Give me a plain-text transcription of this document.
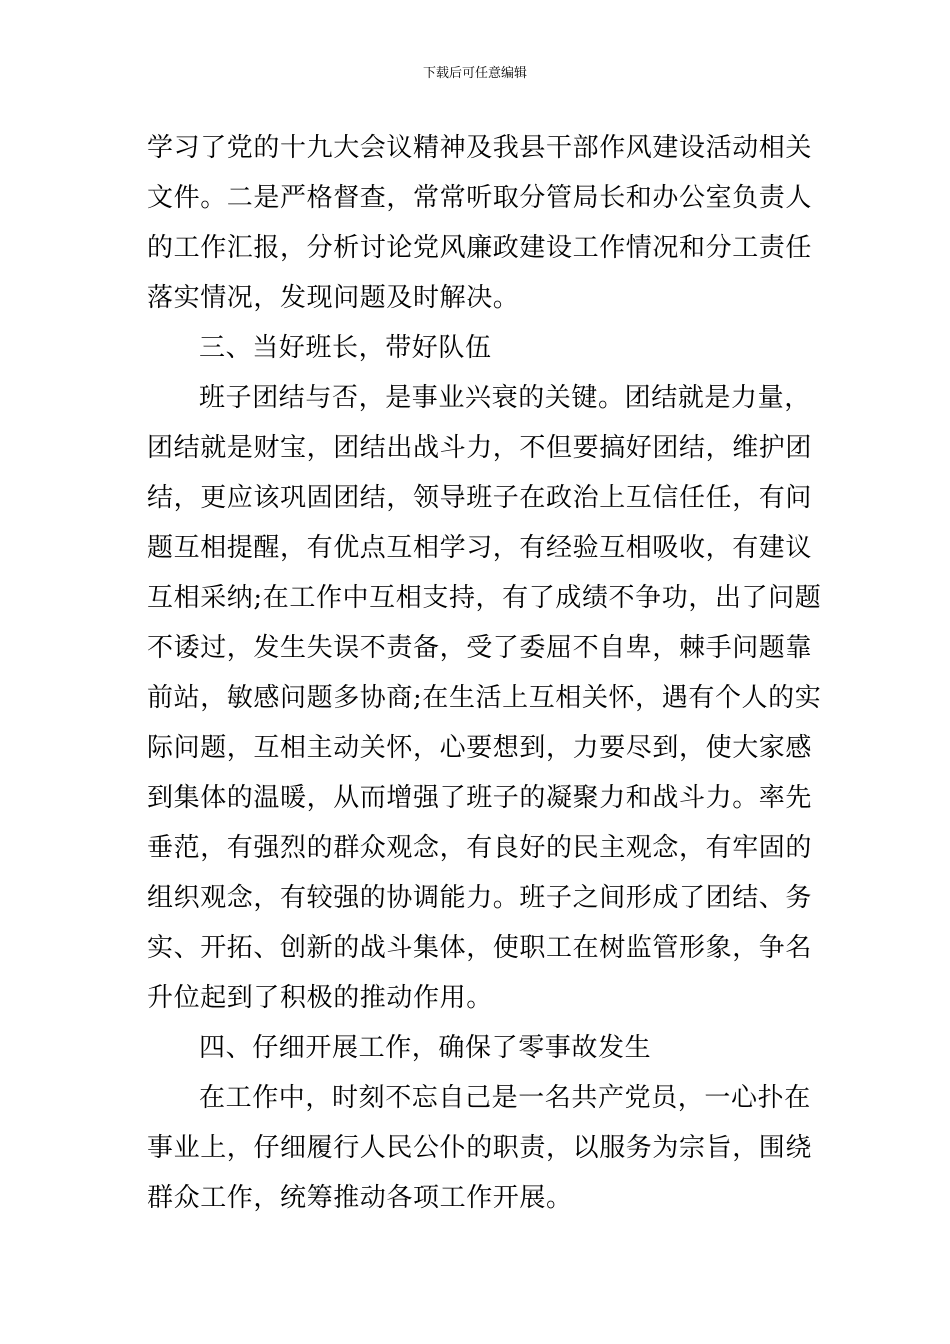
下载后可任意编辑
学习了党的十九大会议精神及我县干部作风建设活动相关
文件。二是严格督查，常常听取分管局长和办公室负责人
的工作汇报，分析讨论党风廉政建设工作情况和分工责任
落实情况，发现问题及时解决。
三、当好班长，带好队伍
班子团结与否，是事业兴衰的关键。团结就是力量，
团结就是财宝，团结出战斗力，不但要搞好团结，维护团
结，更应该巩固团结，领导班子在政治上互信任任，有问
题互相提醒，有优点互相学习，有经验互相吸收，有建议
互相采纳;在工作中互相支持，有了成绩不争功，出了问题
不诿过，发生失误不责备，受了委屈不自卑，棘手问题靠
前站，敏感问题多协商;在生活上互相关怀，遇有个人的实
际问题，互相主动关怀，心要想到，力要尽到，使大家感
到集体的温暖，从而增强了班子的凝聚力和战斗力。率先
垂范，有强烈的群众观念，有良好的民主观念，有牢固的
组织观念，有较强的协调能力。班子之间形成了团结、务
实、开拓、创新的战斗集体，使职工在树监管形象，争名
升位起到了积极的推动作用。
四、仔细开展工作，确保了零事故发生
在工作中，时刻不忘自己是一名共产党员，一心扑在
事业上，仔细履行人民公仆的职责，以服务为宗旨，围绕
群众工作，统筹推动各项工作开展。
